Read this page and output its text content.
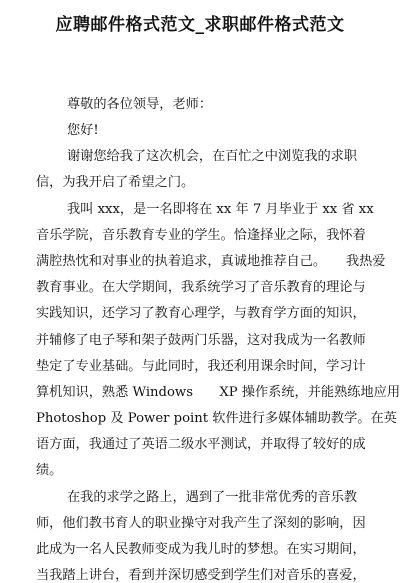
应聘邮件格式范文_求职邮件格式范文
尊敬的各位领导，老师：
您好!
谢谢您给我了这次机会，在百忙之中浏览我的求职
信，为我开启了希望之门。
我叫 xxx，是一名即将在 xx 年 7 月毕业于 xx 省 xx
音乐学院，音乐教育专业的学生。恰逢择业之际，我怀着
满腔热忱和对事业的执着追求，真诚地推荐自己。　　我热爱
教育事业。在大学期间，我系统学习了音乐教育的理论与
实践知识，还学习了教育心理学，与教育学方面的知识，
并辅修了电子琴和架子鼓两门乐器，这对我成为一名教师
垫定了专业基础。与此同时，我还利用课余时间，学习计
算机知识，熟悉 Windows　　XP 操作系统，并能熟练地应用
Photoshop 及 Power point 软件进行多媒体辅助教学。在英
语方面，我通过了英语二级水平测试，并取得了较好的成
绩。
在我的求学之路上，遇到了一批非常优秀的音乐教
师，他们教书育人的职业操守对我产生了深刻的影响，因
此成为一名人民教师变成为我儿时的梦想。在实习期间，
当我踏上讲台，看到并深切感受到学生们对音乐的喜爱，
